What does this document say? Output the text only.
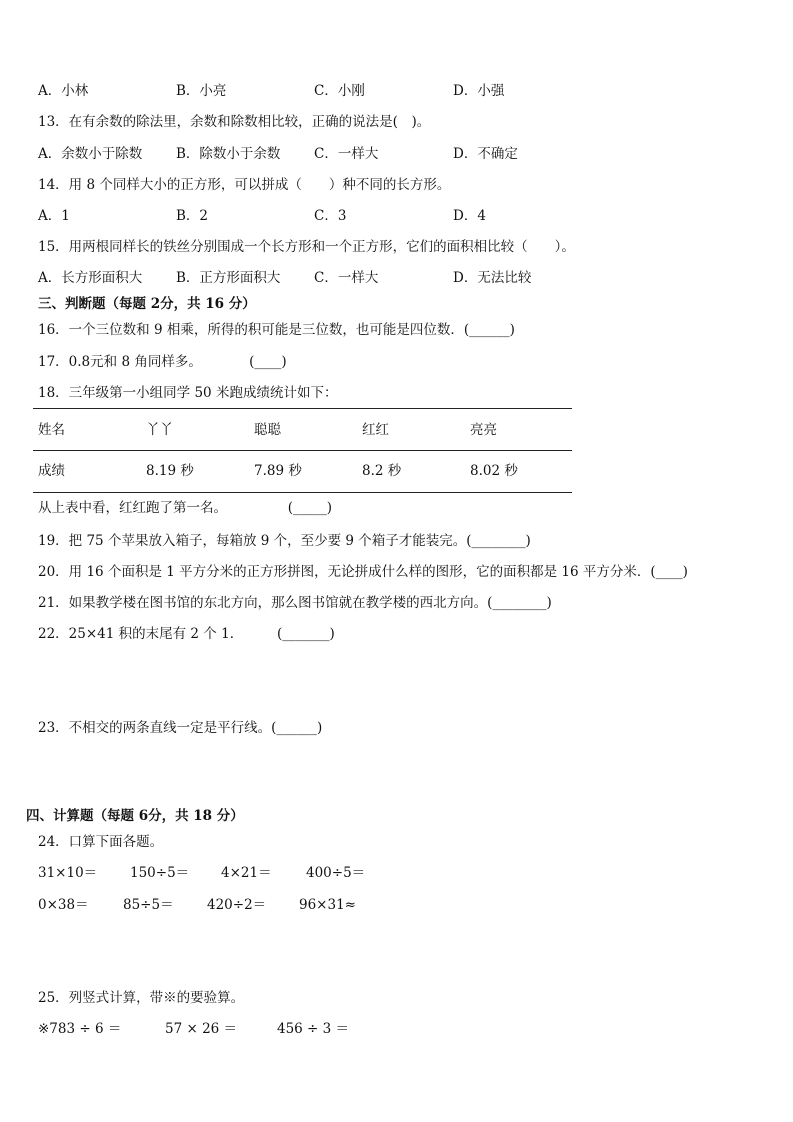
A．小林	B．小亮	C．小刚	D．小强
13．在有余数的除法里，余数和除数相比较，正确的说法是(　)。
A．余数小于除数	B．除数小于余数 C．一样大	D．不确定
14．用 8 个同样大小的正方形，可以拼成（　　）种不同的长方形。
A．1	B．2	C．3	D．4
15．用两根同样长的铁丝分别围成一个长方形和一个正方形，它们的面积相比较（　　）。
A．长方形面积大	B．正方形面积大 C．一样大	D．无法比较
三、判断题（每题 2分，共 16 分）
16．一个三位数和 9 相乘，所得的积可能是三位数，也可能是四位数．(______)
17．0.8元和 8 角同样多。　　　　(____)
18．三年级第一小组同学 50 米跑成绩统计如下：
姓名	丫丫	聪聪	红红	亮亮
成绩	8.19 秒	7.89 秒	8.2 秒	8.02 秒
从上表中看，红红跑了第一名。　　　　　(_____)
19．把 75 个苹果放入箱子，每箱放 9 个，至少要 9 个箱子才能装完。(________)
20．用 16 个面积是 1 平方分米的正方形拼图，无论拼成什么样的图形，它的面积都是 16 平方分米．(____)
21．如果教学楼在图书馆的东北方向，那么图书馆就在教学楼的西北方向。(________)
22．25×41 积的末尾有 2 个 1．　　　(_______)
23．不相交的两条直线一定是平行线。(______)
四、计算题（每题 6分，共 18 分）
24．口算下面各题。
31×10＝ 150÷5＝ 4×21＝	400÷5＝
0×38＝	85÷5＝ 420÷2＝ 96×31≈
25．列竖式计算，带※的要验算。
※783 ÷ 6 ＝	57 × 26 ＝	456 ÷ 3 ＝
